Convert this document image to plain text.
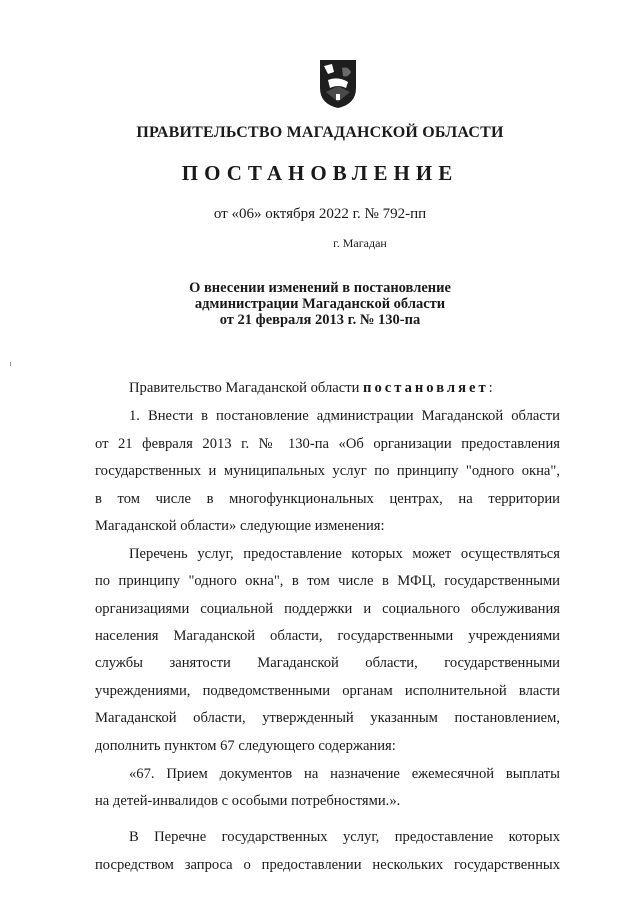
ПРАВИТЕЛЬСТВО МАГАДАНСКОЙ ОБЛАСТИ
ПОСТАНОВЛЕНИЕ
от «06» октября 2022 г. № 792-пп
г. Магадан
О внесении изменений в постановление
администрации Магаданской области
от 21 февраля 2013 г. № 130-па
Правительство Магаданской области постановляет:
1. Внести в постановление администрации Магаданской области
от 21 февраля 2013 г. № 130-па «Об организации предоставления
государственных и муниципальных услуг по принципу "одного окна",
в том числе в многофункциональных центрах, на территории
Магаданской области» следующие изменения:
Перечень услуг, предоставление которых может осуществляться
по принципу "одного окна", в том числе в МФЦ, государственными
организациями социальной поддержки и социального обслуживания
населения Магаданской области, государственными учреждениями
службы занятости Магаданской области, государственными
учреждениями, подведомственными органам исполнительной власти
Магаданской области, утвержденный указанным постановлением,
дополнить пунктом 67 следующего содержания:
«67. Прием документов на назначение ежемесячной выплаты
на детей-инвалидов с особыми потребностями.».
В Перечне государственных услуг, предоставление которых
посредством запроса о предоставлении нескольких государственных
